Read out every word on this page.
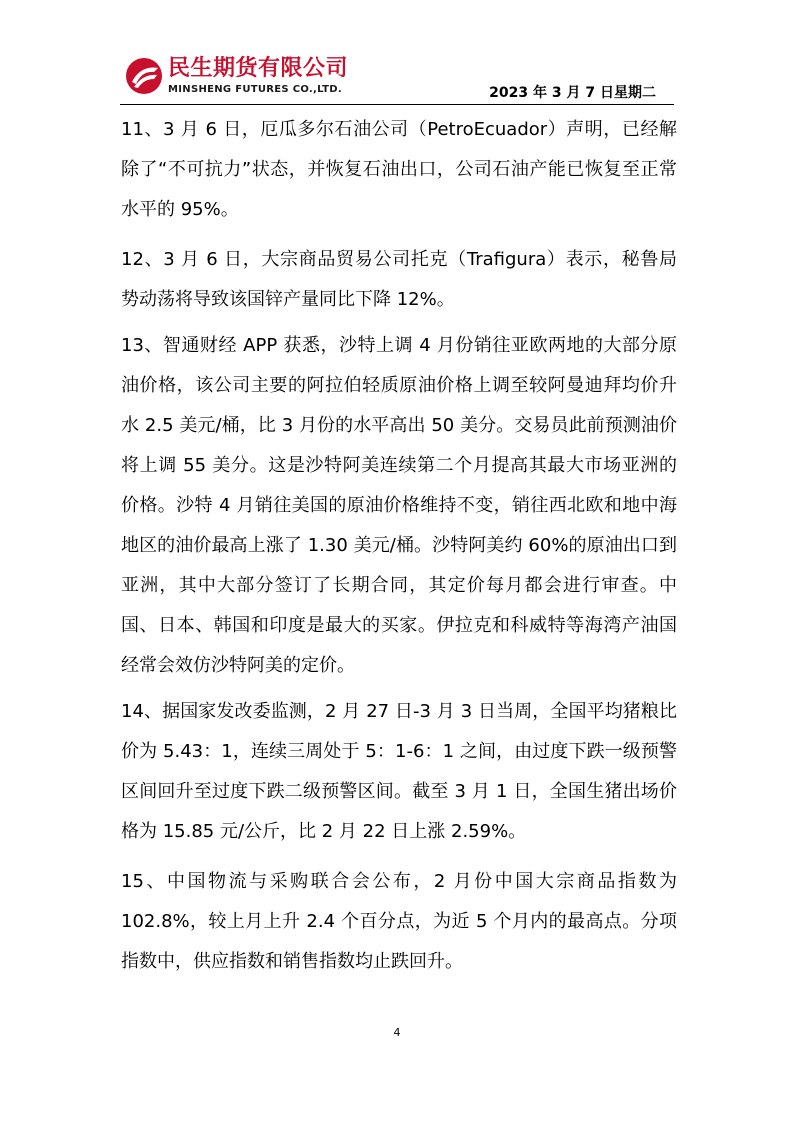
民生期货有限公司
MINSHENG FUTURES CO.,LTD.	2023 年 3 月 7 日星期二

11、3 月 6 日，厄瓜多尔石油公司（PetroEcuador）声明，已经解除了“不可抗力”状态，并恢复石油出口，公司石油产能已恢复至正常水平的 95%。

12、3 月 6 日，大宗商品贸易公司托克（Trafigura）表示，秘鲁局势动荡将导致该国锌产量同比下降 12%。

13、智通财经 APP 获悉，沙特上调 4 月份销往亚欧两地的大部分原油价格，该公司主要的阿拉伯轻质原油价格上调至较阿曼迪拜均价升水 2.5 美元/桶，比 3 月份的水平高出 50 美分。交易员此前预测油价将上调 55 美分。这是沙特阿美连续第二个月提高其最大市场亚洲的价格。沙特 4 月销往美国的原油价格维持不变，销往西北欧和地中海地区的油价最高上涨了 1.30 美元/桶。沙特阿美约 60%的原油出口到亚洲，其中大部分签订了长期合同，其定价每月都会进行审查。中国、日本、韩国和印度是最大的买家。伊拉克和科威特等海湾产油国经常会效仿沙特阿美的定价。

14、据国家发改委监测，2 月 27 日-3 月 3 日当周，全国平均猪粮比价为 5.43：1，连续三周处于 5：1-6：1 之间，由过度下跌一级预警区间回升至过度下跌二级预警区间。截至 3 月 1 日，全国生猪出场价格为 15.85 元/公斤，比 2 月 22 日上涨 2.59%。

15、中国物流与采购联合会公布，2 月份中国大宗商品指数为 102.8%，较上月上升 2.4 个百分点，为近 5 个月内的最高点。分项指数中，供应指数和销售指数均止跌回升。

4
